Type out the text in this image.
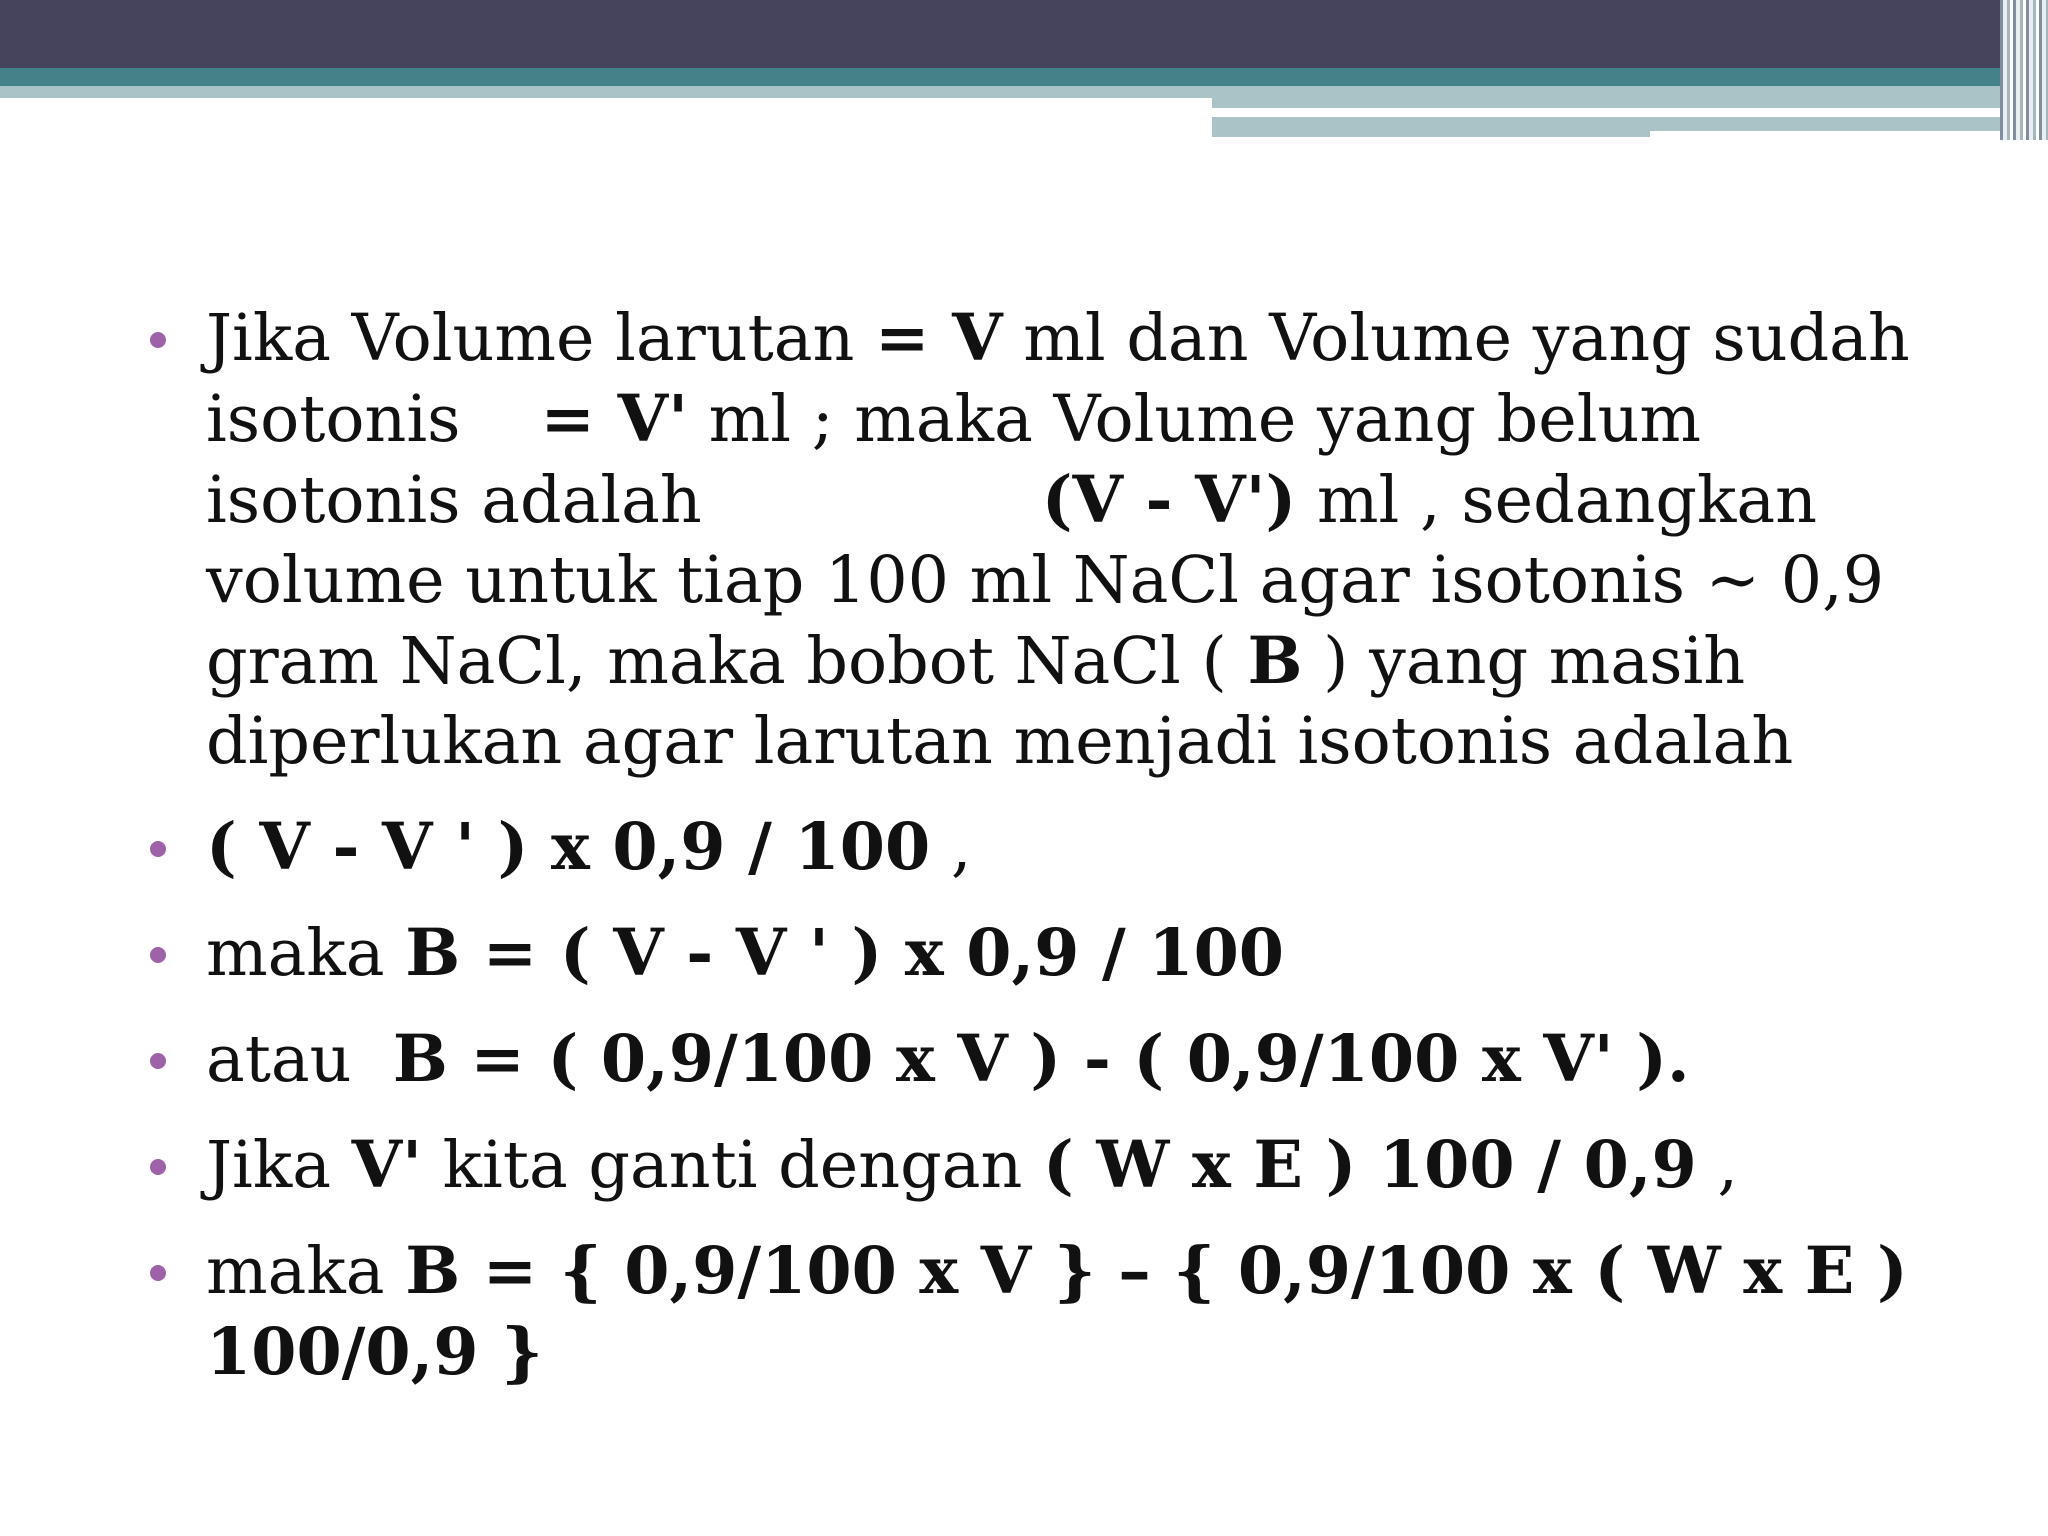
Jika Volume larutan = V ml dan Volume yang sudah
isotonis = V' ml ; maka Volume yang belum
isotonis adalah	(V - V') ml , sedangkan
volume untuk tiap 100 ml NaCl agar isotonis ~ 0,9
gram NaCl, maka bobot NaCl ( B ) yang masih
diperlukan agar larutan menjadi isotonis adalah
( V - V ' ) x 0,9 / 100 ,
maka B = ( V - V ' ) x 0,9 / 100
atau  B = ( 0,9/100 x V ) - ( 0,9/100 x V' ).
Jika V' kita ganti dengan ( W x E ) 100 / 0,9 ,
maka B = { 0,9/100 x V } – { 0,9/100 x ( W x E ) 100/0,9 }
